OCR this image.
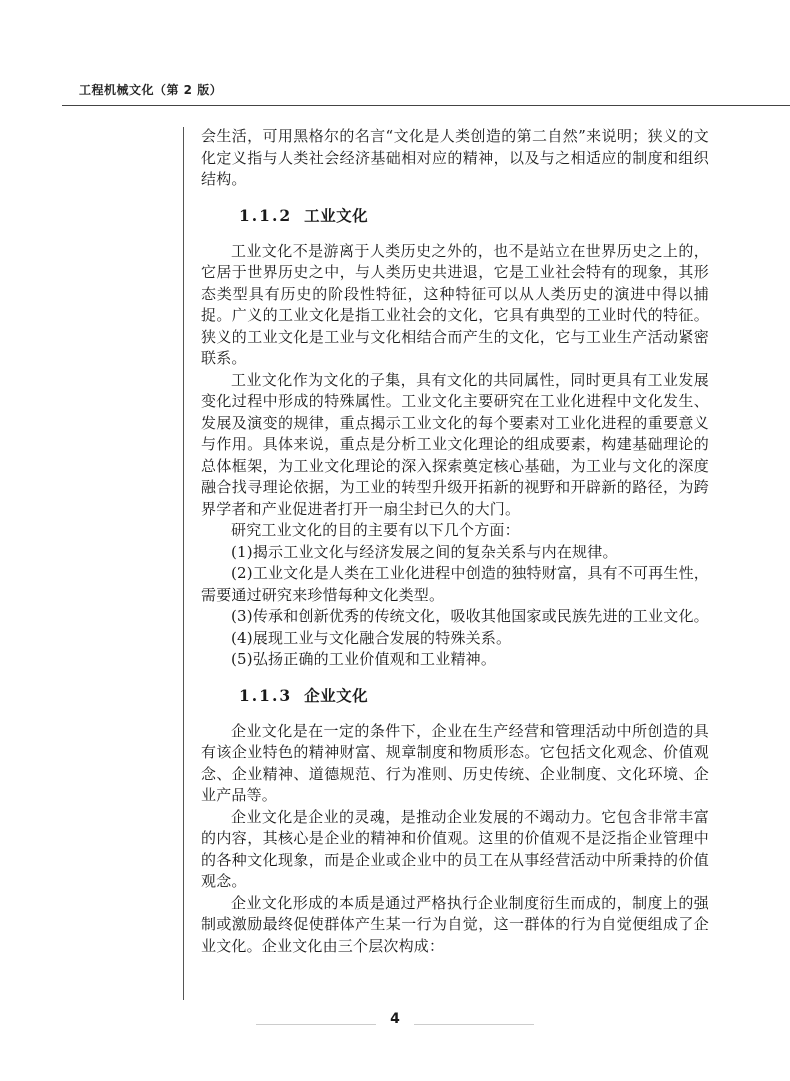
工程机械文化（第 2 版）

会生活，可用黑格尔的名言“文化是人类创造的第二自然”来说明；狭义的文化定义指与人类社会经济基础相对应的精神，以及与之相适应的制度和组织结构。

1.1.2 工业文化

工业文化不是游离于人类历史之外的，也不是站立在世界历史之上的，它居于世界历史之中，与人类历史共进退，它是工业社会特有的现象，其形态类型具有历史的阶段性特征，这种特征可以从人类历史的演进中得以捕捉。广义的工业文化是指工业社会的文化，它具有典型的工业时代的特征。狭义的工业文化是工业与文化相结合而产生的文化，它与工业生产活动紧密联系。

工业文化作为文化的子集，具有文化的共同属性，同时更具有工业发展变化过程中形成的特殊属性。工业文化主要研究在工业化进程中文化发生、发展及演变的规律，重点揭示工业文化的每个要素对工业化进程的重要意义与作用。具体来说，重点是分析工业文化理论的组成要素，构建基础理论的总体框架，为工业文化理论的深入探索奠定核心基础，为工业与文化的深度融合找寻理论依据，为工业的转型升级开拓新的视野和开辟新的路径，为跨界学者和产业促进者打开一扇尘封已久的大门。

研究工业文化的目的主要有以下几个方面：

(1)揭示工业文化与经济发展之间的复杂关系与内在规律。

(2)工业文化是人类在工业化进程中创造的独特财富，具有不可再生性，需要通过研究来珍惜每种文化类型。

(3)传承和创新优秀的传统文化，吸收其他国家或民族先进的工业文化。

(4)展现工业与文化融合发展的特殊关系。

(5)弘扬正确的工业价值观和工业精神。

1.1.3 企业文化

企业文化是在一定的条件下，企业在生产经营和管理活动中所创造的具有该企业特色的精神财富、规章制度和物质形态。它包括文化观念、价值观念、企业精神、道德规范、行为准则、历史传统、企业制度、文化环境、企业产品等。

企业文化是企业的灵魂，是推动企业发展的不竭动力。它包含非常丰富的内容，其核心是企业的精神和价值观。这里的价值观不是泛指企业管理中的各种文化现象，而是企业或企业中的员工在从事经营活动中所秉持的价值观念。

企业文化形成的本质是通过严格执行企业制度衍生而成的，制度上的强制或激励最终促使群体产生某一行为自觉，这一群体的行为自觉便组成了企业文化。企业文化由三个层次构成：

4
